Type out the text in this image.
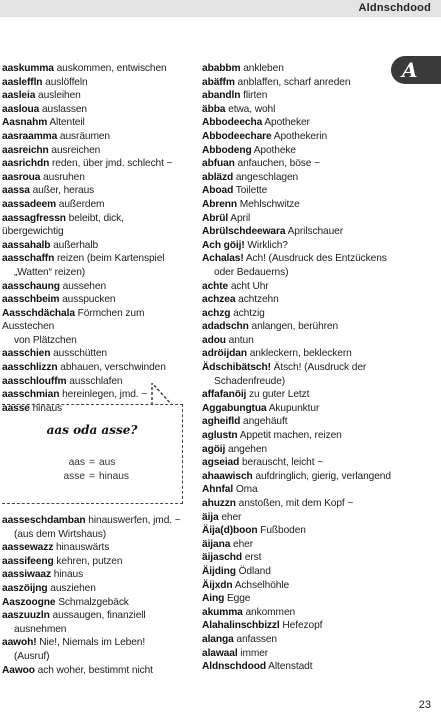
Aldnschdood
A
aaskumma auskommen, entwischen
aasleffln auslöffeln
aasleia ausleihen
aasloua auslassen
Aasnahm Altenteil
aasraamma ausräumen
aasreichn ausreichen
aasrichdn reden, über jmd. schlecht ~
aasroua ausruhen
aassa außer, heraus
aassadeem außerdem
aassagfressn beleibt, dick, übergewichtig
aassahalb außerhalb
aasschaffn reizen (beim Kartenspiel
„Watten“ reizen)
aasschaung aussehen
aasschbeim ausspucken
Aasschdächala Förmchen zum Ausstechen
von Plätzchen
aasschien ausschütten
aasschlizzn abhauen, verschwinden
aasschlouffm ausschlafen
aasschmian hereinlegen, jmd. ~
aasse hinaus
aas oda asse?
aas = aus
asse = hinaus
aasseschdamban hinauswerfen, jmd. ~
(aus dem Wirtshaus)
aassewazz hinauswärts
aassifeeng kehren, putzen
aassiwaaz hinaus
aaszöijng ausziehen
Aaszoogne Schmalzgebäck
aaszuuzln aussaugen, finanziell
ausnehmen
aawoh! Nie!, Niemals im Leben!
(Ausruf)
Aawoo ach woher, bestimmt nicht
ababbm ankleben
abäffm anblaffen, scharf anreden
abandln flirten
äbba etwa, wohl
Abbodeecha Apotheker
Abbodeechare Apothekerin
Abbodeng Apotheke
abfuan anfauchen, böse ~
abläzd angeschlagen
Aboad Toilette
Abrenn Mehlschwitze
Abrül April
Abrülschdeewara Aprilschauer
Ach göij! Wirklich?
Achalas! Ach! (Ausdruck des Entzückens
oder Bedauerns)
achte acht Uhr
achzea achtzehn
achzg achtzig
adadschn anlangen, berühren
adou antun
adröijdan ankleckern, bekleckern
Ädschibätsch! Ätsch! (Ausdruck der
Schadenfreude)
affafanöij zu guter Letzt
Aggabungtua Akupunktur
agheifld angehäuft
aglustn Appetit machen, reizen
agöij angehen
agseiad berauscht, leicht ~
ahaawisch aufdringlich, gierig, verlangend
Ahnfal Oma
ahuzzn anstoßen, mit dem Kopf ~
äija eher
Äija(d)boon Fußboden
äijana eher
äijaschd erst
Äijding Ödland
Äijxdn Achselhöhle
Aing Egge
akumma ankommen
Alahalinschbizzl Hefezopf
alanga anfassen
alawaal immer
Aldnschdood Altenstadt
23
